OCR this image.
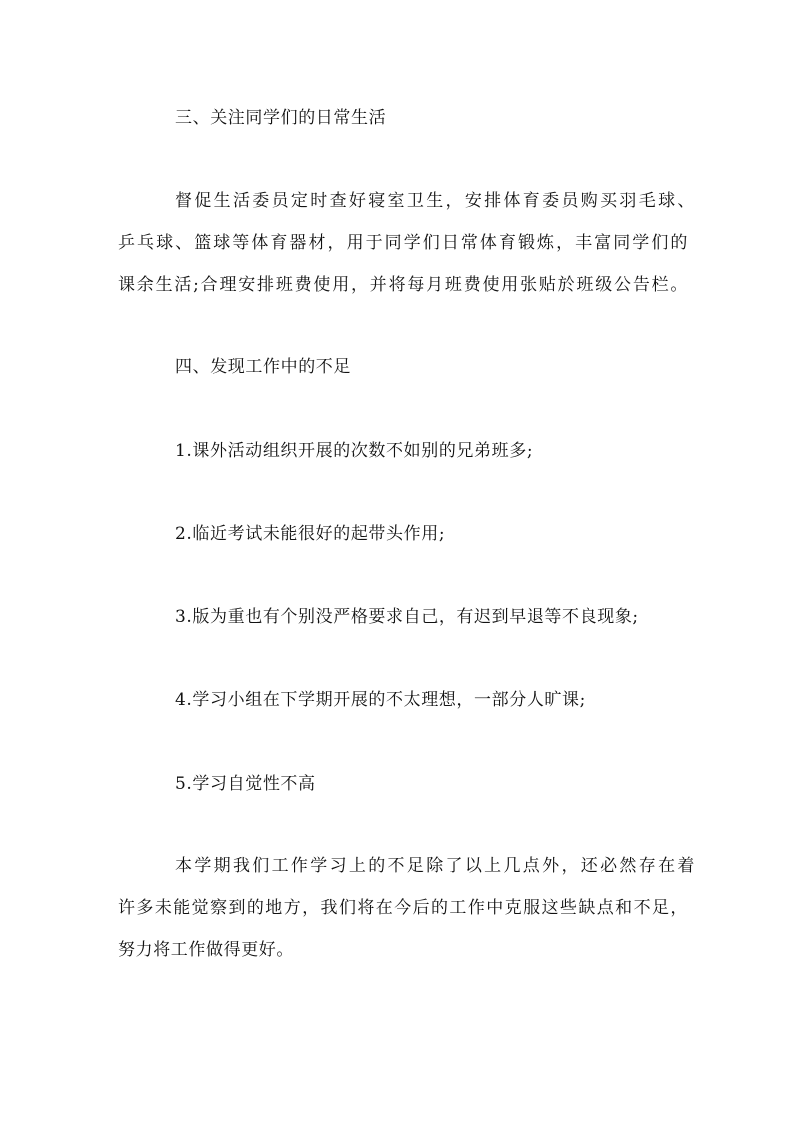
三、关注同学们的日常生活
督促生活委员定时查好寝室卫生，安排体育委员购买羽毛球、
乒乓球、篮球等体育器材，用于同学们日常体育锻炼，丰富同学们的
课余生活;合理安排班费使用，并将每月班费使用张贴於班级公告栏。
四、发现工作中的不足
1.课外活动组织开展的次数不如别的兄弟班多;
2.临近考试未能很好的起带头作用;
3.版为重也有个别没严格要求自己，有迟到早退等不良现象;
4.学习小组在下学期开展的不太理想，一部分人旷课;
5.学习自觉性不高
本学期我们工作学习上的不足除了以上几点外，还必然存在着
许多未能觉察到的地方，我们将在今后的工作中克服这些缺点和不足，
努力将工作做得更好。
